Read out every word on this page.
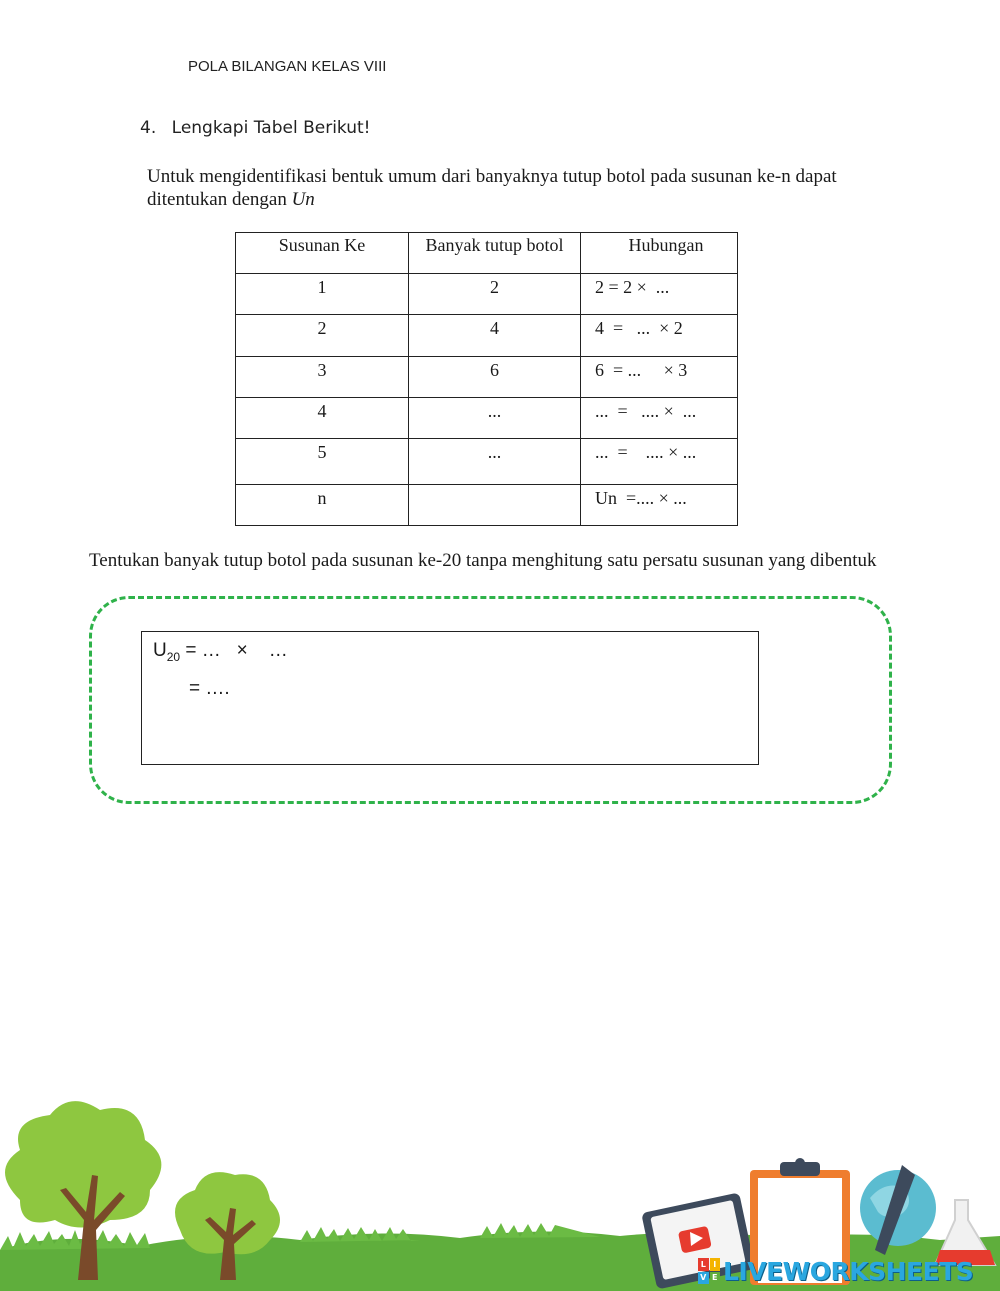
POLA BILANGAN KELAS VIII
4. Lengkapi Tabel Berikut!
Untuk mengidentifikasi bentuk umum dari banyaknya tutup botol pada susunan ke-n dapat ditentukan dengan Un
Susunan Ke	Banyak tutup botol	Hubungan
1	2	2 = 2 ×  ...
2	4	4  =   ...  × 2
3	6	6  = ...     × 3
4	...	...  =   .... ×  ...
5	...	...  =    .... × ...
n		Un  =.... × ...
Tentukan banyak tutup botol pada susunan ke-20 tanpa menghitung satu persatu susunan yang dibentuk
$U_{20}$ = …   ×    …
= ….
L I
V E LIVEWORKSHEETS
